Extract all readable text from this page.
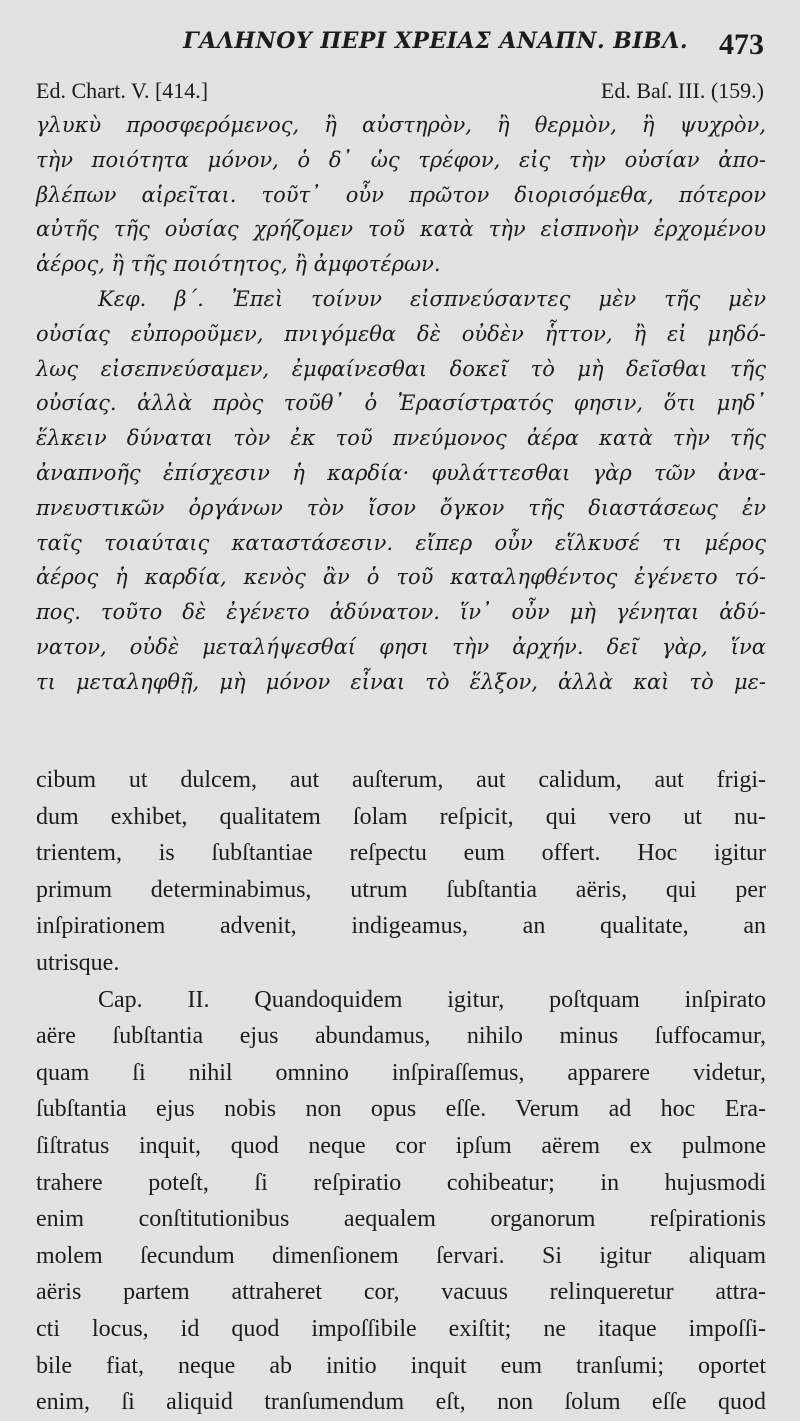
ΓΑΛΗΝΟΥ ΠΕΡΙ ΧΡΕΙΑΣ ΑΝΑΠΝ. ΒΙΒΛ. 473
Ed. Chart. V. [414.]	Ed. Baſ. III. (159.)
γλυκὺ προσφερόμενος, ἢ αὐστηρὸν, ἢ θερμὸν, ἢ ψυχρὸν,
τὴν ποιότητα μόνον, ὁ δ᾽ ὡς τρέφον, εἰς τὴν οὐσίαν ἀπο-
βλέπων αἱρεῖται. τοῦτ᾽ οὖν πρῶτον διορισόμεθα, πότερον
αὐτῆς τῆς οὐσίας χρήζομεν τοῦ κατὰ τὴν εἰσπνοὴν ἐρχομένου
ἀέρος, ἢ τῆς ποιότητος, ἢ ἀμφοτέρων.
Κεφ. β΄. Ἐπεὶ τοίνυν εἰσπνεύσαντες μὲν τῆς μὲν
οὐσίας εὐποροῦμεν, πνιγόμεθα δὲ οὐδὲν ἧττον, ἢ εἰ μηδό-
λως εἰσεπνεύσαμεν, ἐμφαίνεσθαι δοκεῖ τὸ μὴ δεῖσθαι τῆς
οὐσίας. ἀλλὰ πρὸς τοῦθ᾽ ὁ Ἐρασίστρατός φησιν, ὅτι μηδ᾽
ἕλκειν δύναται τὸν ἐκ τοῦ πνεύμονος ἀέρα κατὰ τὴν τῆς
ἀναπνοῆς ἐπίσχεσιν ἡ καρδία· φυλάττεσθαι γὰρ τῶν ἀνα-
πνευστικῶν ὀργάνων τὸν ἴσον ὄγκον τῆς διαστάσεως ἐν
ταῖς τοιαύταις καταστάσεσιν. εἴπερ οὖν εἵλκυσέ τι μέρος
ἀέρος ἡ καρδία, κενὸς ἂν ὁ τοῦ καταληφθέντος ἐγένετο τό-
πος. τοῦτο δὲ ἐγένετο ἀδύνατον. ἵν᾽ οὖν μὴ γένηται ἀδύ-
νατον, οὐδὲ μεταλήψεσθαί φησι τὴν ἀρχήν. δεῖ γὰρ, ἵνα
τι μεταληφθῇ, μὴ μόνον εἶναι τὸ ἕλξον, ἀλλὰ καὶ τὸ με-
cibum ut dulcem, aut auſterum, aut calidum, aut frigi-
dum exhibet, qualitatem ſolam reſpicit, qui vero ut nu-
trientem, is ſubſtantiae reſpectu eum offert. Hoc igitur
primum determinabimus, utrum ſubſtantia aëris, qui per
inſpirationem advenit, indigeamus, an qualitate, an
utrisque.
Cap. II. Quandoquidem igitur, poſtquam inſpirato
aëre ſubſtantia ejus abundamus, nihilo minus ſuffocamur,
quam ſi nihil omnino inſpiraſſemus, apparere videtur,
ſubſtantia ejus nobis non opus eſſe. Verum ad hoc Era-
ſiſtratus inquit, quod neque cor ipſum aërem ex pulmone
trahere poteſt, ſi reſpiratio cohibeatur; in hujusmodi
enim conſtitutionibus aequalem organorum reſpirationis
molem ſecundum dimenſionem ſervari. Si igitur aliquam
aëris partem attraheret cor, vacuus relinqueretur attra-
cti locus, id quod impoſſibile exiſtit; ne itaque impoſſi-
bile fiat, neque ab initio inquit eum tranſumi; oportet
enim, ſi aliquid tranſumendum eſt, non ſolum eſſe quod
